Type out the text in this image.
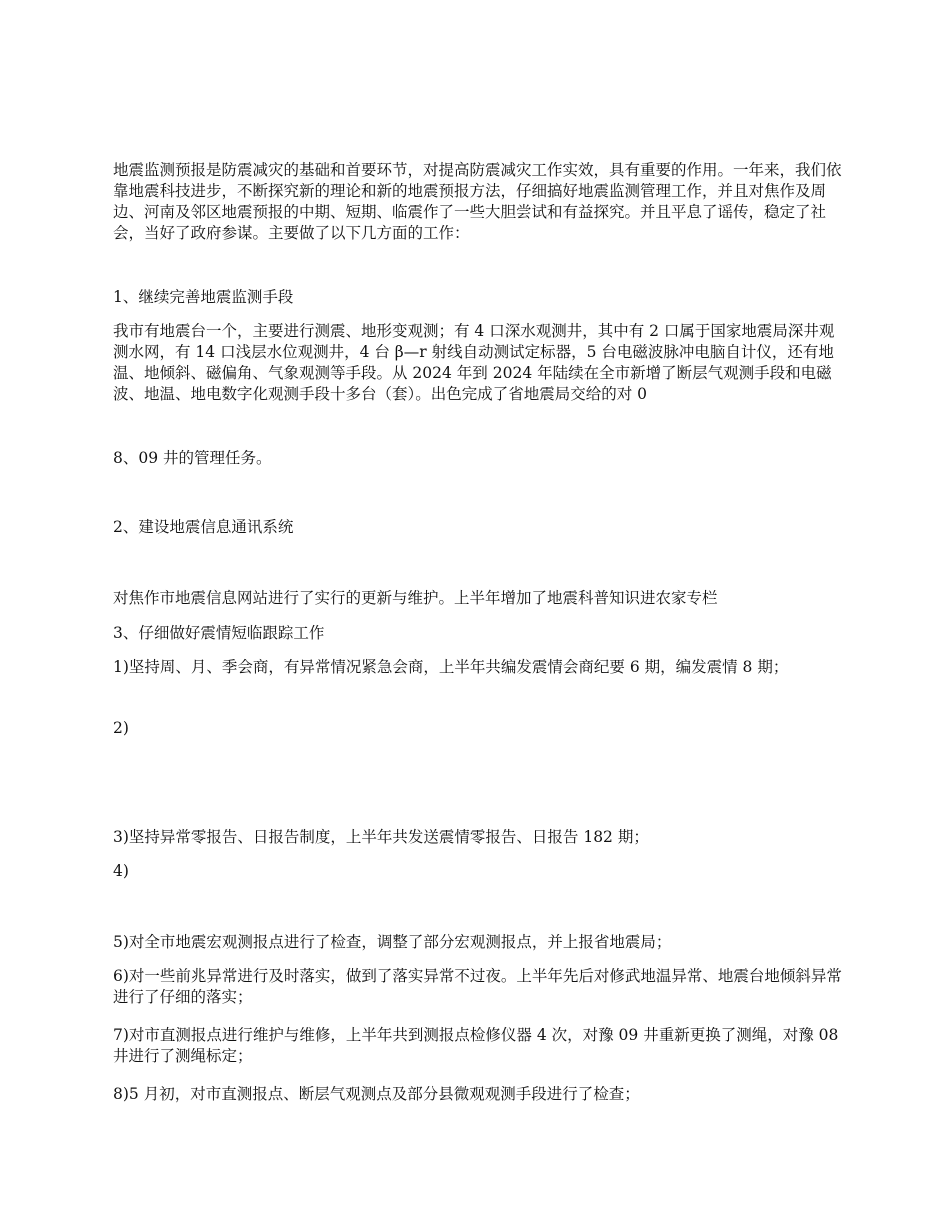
地震监测预报是防震减灾的基础和首要环节，对提高防震减灾工作实效，具有重要的作用。一年来，我们依靠地震科技进步，不断探究新的理论和新的地震预报方法，仔细搞好地震监测管理工作，并且对焦作及周边、河南及邻区地震预报的中期、短期、临震作了一些大胆尝试和有益探究。并且平息了谣传，稳定了社会，当好了政府参谋。主要做了以下几方面的工作：

1、继续完善地震监测手段

我市有地震台一个，主要进行测震、地形变观测；有 4 口深水观测井，其中有 2 口属于国家地震局深井观测水网，有 14 口浅层水位观测井，4 台 β—r 射线自动测试定标器，5 台电磁波脉冲电脑自计仪，还有地温、地倾斜、磁偏角、气象观测等手段。从 2024 年到 2024 年陆续在全市新增了断层气观测手段和电磁波、地温、地电数字化观测手段十多台（套）。出色完成了省地震局交给的对 0

8、09 井的管理任务。

2、建设地震信息通讯系统

对焦作市地震信息网站进行了实行的更新与维护。上半年增加了地震科普知识进农家专栏

3、仔细做好震情短临跟踪工作

1)坚持周、月、季会商，有异常情况紧急会商，上半年共编发震情会商纪要 6 期，编发震情 8 期；

2)

3)坚持异常零报告、日报告制度，上半年共发送震情零报告、日报告 182 期；

4)

5)对全市地震宏观测报点进行了检查，调整了部分宏观测报点，并上报省地震局；

6)对一些前兆异常进行及时落实，做到了落实异常不过夜。上半年先后对修武地温异常、地震台地倾斜异常进行了仔细的落实；

7)对市直测报点进行维护与维修，上半年共到测报点检修仪器 4 次，对豫 09 井重新更换了测绳，对豫 08 井进行了测绳标定；

8)5 月初，对市直测报点、断层气观测点及部分县微观观测手段进行了检查；
